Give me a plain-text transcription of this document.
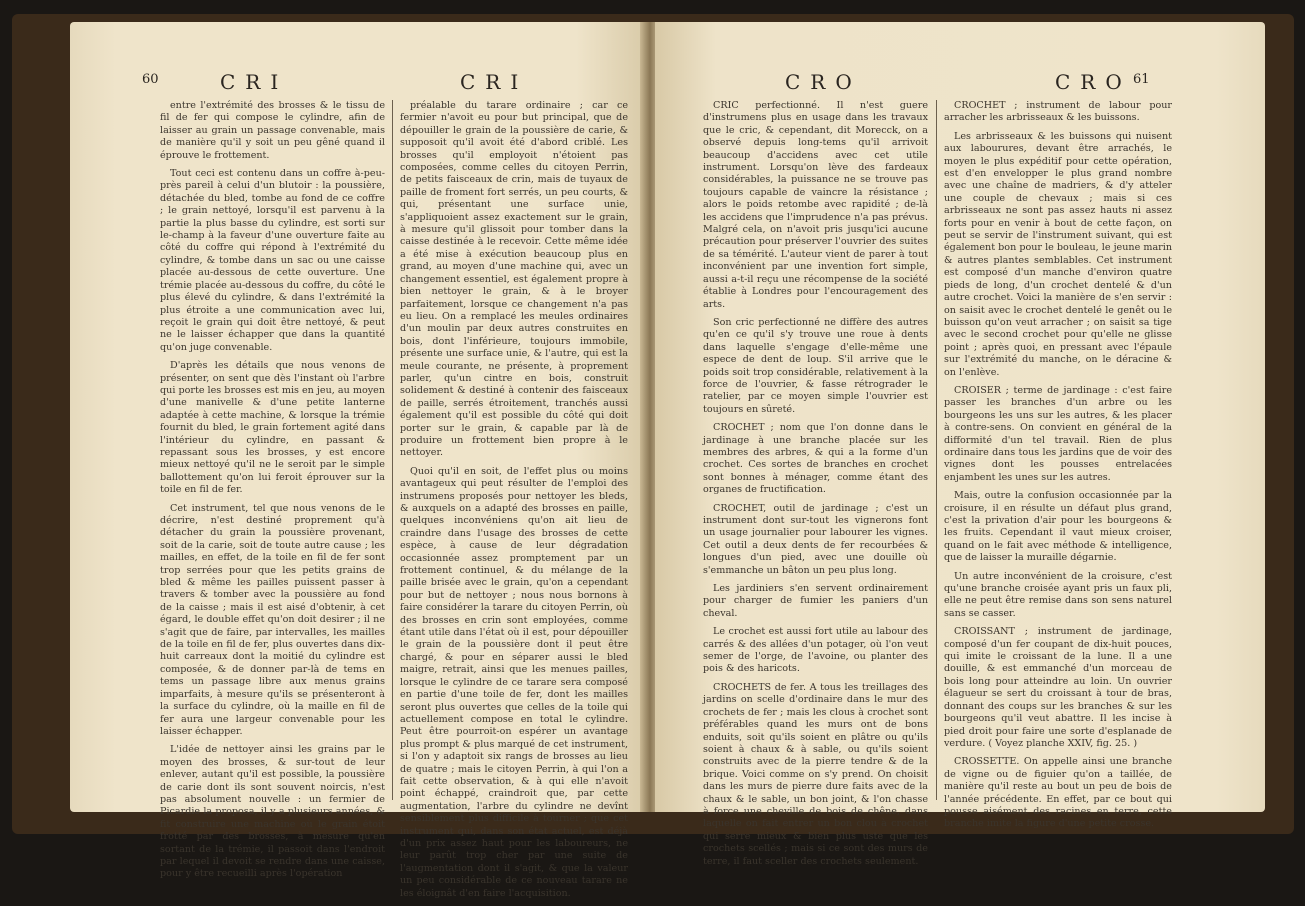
60	CRI	CRI

entre l'extrémité des brosses & le tissu de fil de fer qui compose le cylindre, afin de laisser au grain un passage convenable, mais de manière qu'il y soit un peu gêné quand il éprouve le frottement.

Tout ceci est contenu dans un coffre à-peu-près pareil à celui d'un blutoir : la poussière, détachée du bled, tombe au fond de ce coffre ; le grain nettoyé, lorsqu'il est parvenu à la partie la plus basse du cylindre, est sorti sur le-champ à la faveur d'une ouverture faite au côté du coffre qui répond à l'extrémité du cylindre, & tombe dans un sac ou une caisse placée au-dessous de cette ouverture. Une trémie placée au-dessous du coffre, du côté le plus élevé du cylindre, & dans l'extrémité la plus étroite a une communication avec lui, reçoit le grain qui doit être nettoyé, & peut ne le laisser échapper que dans la quantité qu'on juge convenable.

D'après les détails que nous venons de présenter, on sent que dès l'instant où l'arbre qui porte les brosses est mis en jeu, au moyen d'une manivelle & d'une petite lanterne adaptée à cette machine, & lorsque la trémie fournit du bled, le grain fortement agité dans l'intérieur du cylindre, en passant & repassant sous les brosses, y est encore mieux nettoyé qu'il ne le seroit par le simple ballottement qu'on lui feroit éprouver sur la toile en fil de fer.

Cet instrument, tel que nous venons de le décrire, n'est destiné proprement qu'à détacher du grain la poussière provenant, soit de la carie, soit de toute autre cause ; les mailles, en effet, de la toile en fil de fer sont trop serrées pour que les petits grains de bled & même les pailles puissent passer à travers & tomber avec la poussière au fond de la caisse ; mais il est aisé d'obtenir, à cet égard, le double effet qu'on doit desirer ; il ne s'agit que de faire, par intervalles, les mailles de la toile en fil de fer, plus ouvertes dans dix-huit carreaux dont la moitié du cylindre est composée, & de donner par-là de tems en tems un passage libre aux menus grains imparfaits, à mesure qu'ils se présenteront à la surface du cylindre, où la maille en fil de fer aura une largeur convenable pour les laisser échapper.

L'idée de nettoyer ainsi les grains par le moyen des brosses, & sur-tout de leur enlever, autant qu'il est possible, la poussière de carie dont ils sont souvent noircis, n'est pas absolument nouvelle : un fermier de Picardie la proposa, il y a plusieurs années, & fit construire une machine où le grain étoit frotté par des brosses, à mesure qu'en sortant de la trémie, il passoit dans l'endroit par lequel il devoit se rendre dans une caisse, pour y être recueilli après l'opération

préalable du tarare ordinaire ; car ce fermier n'avoit eu pour but principal, que de dépouiller le grain de la poussière de carie, & supposoit qu'il avoit été d'abord criblé. Les brosses qu'il employoit n'étoient pas composées, comme celles du citoyen Perrin, de petits faisceaux de crin, mais de tuyaux de paille de froment fort serrés, un peu courts, & qui, présentant une surface unie, s'appliquoient assez exactement sur le grain, à mesure qu'il glissoit pour tomber dans la caisse destinée à le recevoir. Cette même idée a été mise à exécution beaucoup plus en grand, au moyen d'une machine qui, avec un changement essentiel, est également propre à bien nettoyer le grain, & à le broyer parfaitement, lorsque ce changement n'a pas eu lieu. On a remplacé les meules ordinaires d'un moulin par deux autres construites en bois, dont l'inférieure, toujours immobile, présente une surface unie, & l'autre, qui est la meule courante, ne présente, à proprement parler, qu'un cintre en bois, construit solidement & destiné à contenir des faisceaux de paille, serrés étroitement, tranchés aussi également qu'il est possible du côté qui doit porter sur le grain, & capable par là de produire un frottement bien propre à le nettoyer.

Quoi qu'il en soit, de l'effet plus ou moins avantageux qui peut résulter de l'emploi des instrumens proposés pour nettoyer les bleds, & auxquels on a adapté des brosses en paille, quelques inconvéniens qu'on ait lieu de craindre dans l'usage des brosses de cette espèce, à cause de leur dégradation occasionnée assez promptement par un frottement continuel, & du mélange de la paille brisée avec le grain, qu'on a cependant pour but de nettoyer ; nous nous bornons à faire considérer la tarare du citoyen Perrin, où des brosses en crin sont employées, comme étant utile dans l'état où il est, pour dépouiller le grain de la poussière dont il peut être chargé, & pour en séparer aussi le bled maigre, retrait, ainsi que les menues pailles, lorsque le cylindre de ce tarare sera composé en partie d'une toile de fer, dont les mailles seront plus ouvertes que celles de la toile qui actuellement compose en total le cylindre. Peut être pourroit-on espérer un avantage plus prompt & plus marqué de cet instrument, si l'on y adaptoit six rangs de brosses au lieu de quatre ; mais le citoyen Perrin, à qui l'on a fait cette observation, & à qui elle n'avoit point échappé, craindroit que, par cette augmentation, l'arbre du cylindre ne devînt sensiblement plus difficile à tourner ; que cet instrument qui, dans son état actuel, est déjà d'un prix assez haut pour les laboureurs, ne leur parût trop cher par une suite de l'augmentation dont il s'agit, & que la valeur un peu considérable de ce nouveau tarare ne les éloignât d'en faire l'acquisition.

CRO	CRO 61

CRIC perfectionné. Il n'est guere d'instrumens plus en usage dans les travaux que le cric, & cependant, dit Morecck, on a observé depuis long-tems qu'il arrivoit beaucoup d'accidens avec cet utile instrument. Lorsqu'on lève des fardeaux considérables, la puissance ne se trouve pas toujours capable de vaincre la résistance ; alors le poids retombe avec rapidité ; de-là les accidens que l'imprudence n'a pas prévus. Malgré cela, on n'avoit pris jusqu'ici aucune précaution pour préserver l'ouvrier des suites de sa témérité. L'auteur vient de parer à tout inconvénient par une invention fort simple, aussi a-t-il reçu une récompense de la société établie à Londres pour l'encouragement des arts.

Son cric perfectionné ne diffère des autres qu'en ce qu'il s'y trouve une roue à dents dans laquelle s'engage d'elle-même une espece de dent de loup. S'il arrive que le poids soit trop considérable, relativement à la force de l'ouvrier, & fasse rétrograder le ratelier, par ce moyen simple l'ouvrier est toujours en sûreté.

CROCHET ; nom que l'on donne dans le jardinage à une branche placée sur les membres des arbres, & qui a la forme d'un crochet. Ces sortes de branches en crochet sont bonnes à ménager, comme étant des organes de fructification.

CROCHET, outil de jardinage ; c'est un instrument dont sur-tout les vignerons font un usage journalier pour labourer les vignes. Cet outil a deux dents de fer recourbées & longues d'un pied, avec une douille où s'emmanche un bâton un peu plus long.

Les jardiniers s'en servent ordinairement pour charger de fumier les paniers d'un cheval.

Le crochet est aussi fort utile au labour des carrés & des allées d'un potager, où l'on veut semer de l'orge, de l'avoine, ou planter des pois & des haricots.

CROCHETS de fer. A tous les treillages des jardins on scelle d'ordinaire dans le mur des crochets de fer ; mais les clous à crochet sont préférables quand les murs ont de bons enduits, soit qu'ils soient en plâtre ou qu'ils soient à chaux & à sable, ou qu'ils soient construits avec de la pierre tendre & de la brique. Voici comme on s'y prend. On choisit dans les murs de pierre dure faits avec de la chaux & le sable, un bon joint, & l'on chasse à force une cheville de bois de chêne, dans laquelle on fait entrer un bon clou à crochet qui serre mieux & bien plus uste que les crochets scellés ; mais si ce sont des murs de terre, il faut sceller des crochets seulement.

CROCHET ; instrument de labour pour arracher les arbrisseaux & les buissons.

Les arbrisseaux & les buissons qui nuisent aux labourures, devant être arrachés, le moyen le plus expéditif pour cette opération, est d'en envelopper le plus grand nombre avec une chaîne de madriers, & d'y atteler une couple de chevaux ; mais si ces arbrisseaux ne sont pas assez hauts ni assez forts pour en venir à bout de cette façon, on peut se servir de l'instrument suivant, qui est également bon pour le bouleau, le jeune marin & autres plantes semblables. Cet instrument est composé d'un manche d'environ quatre pieds de long, d'un crochet dentelé & d'un autre crochet. Voici la manière de s'en servir : on saisit avec le crochet dentelé le genêt ou le buisson qu'on veut arracher ; on saisit sa tige avec le second crochet pour qu'elle ne glisse point ; après quoi, en pressant avec l'épaule sur l'extrémité du manche, on le déracine & on l'enlève.

CROISER ; terme de jardinage : c'est faire passer les branches d'un arbre ou les bourgeons les uns sur les autres, & les placer à contre-sens. On convient en général de la difformité d'un tel travail. Rien de plus ordinaire dans tous les jardins que de voir des vignes dont les pousses entrelacées enjambent les unes sur les autres.

Mais, outre la confusion occasionnée par la croisure, il en résulte un défaut plus grand, c'est la privation d'air pour les bourgeons & les fruits. Cependant il vaut mieux croiser, quand on le fait avec méthode & intelligence, que de laisser la muraille dégarnie.

Un autre inconvénient de la croisure, c'est qu'une branche croisée ayant pris un faux pli, elle ne peut être remise dans son sens naturel sans se casser.

CROISSANT ; instrument de jardinage, composé d'un fer coupant de dix-huit pouces, qui imite le croissant de la lune. Il a une douille, & est emmanché d'un morceau de bois long pour atteindre au loin. Un ouvrier élagueur se sert du croissant à tour de bras, donnant des coups sur les branches & sur les bourgeons qu'il veut abattre. Il les incise à pied droit pour faire une sorte d'esplanade de verdure. ( Voyez planche XXIV, fig. 25. )

CROSSETTE. On appelle ainsi une branche de vigne ou de figuier qu'on a taillée, de manière qu'il reste au bout un peu de bois de l'année précédente. En effet, par ce bout qui pousse aisément des racines en terre, cette branche imite la figure d'une petite crosse.
